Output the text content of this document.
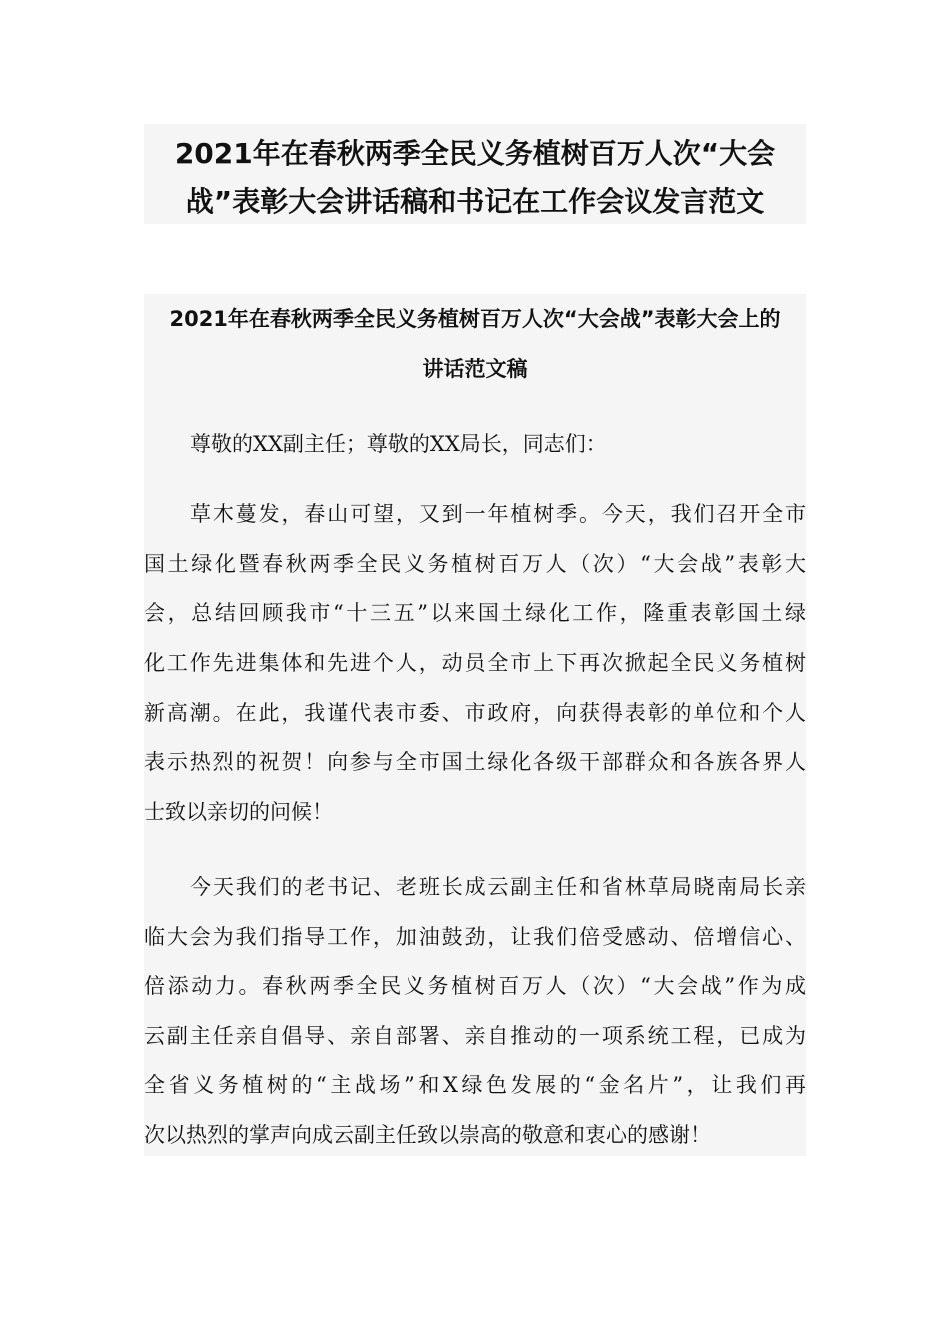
2021年在春秋两季全民义务植树百万人次“大会
战”表彰大会讲话稿和书记在工作会议发言范文
2021年在春秋两季全民义务植树百万人次“大会战”表彰大会上的
讲话范文稿
尊敬的XX副主任；尊敬的XX局长，同志们：
草木蔓发，春山可望，又到一年植树季。今天，我们召开全市
国土绿化暨春秋两季全民义务植树百万人（次）“大会战”表彰大
会，总结回顾我市“十三五”以来国土绿化工作，隆重表彰国土绿
化工作先进集体和先进个人，动员全市上下再次掀起全民义务植树
新高潮。在此，我谨代表市委、市政府，向获得表彰的单位和个人
表示热烈的祝贺！向参与全市国土绿化各级干部群众和各族各界人
士致以亲切的问候！
今天我们的老书记、老班长成云副主任和省林草局晓南局长亲
临大会为我们指导工作，加油鼓劲，让我们倍受感动、倍增信心、
倍添动力。春秋两季全民义务植树百万人（次）“大会战”作为成
云副主任亲自倡导、亲自部署、亲自推动的一项系统工程，已成为
全省义务植树的“主战场”和X绿色发展的“金名片”，让我们再
次以热烈的掌声向成云副主任致以崇高的敬意和衷心的感谢！
